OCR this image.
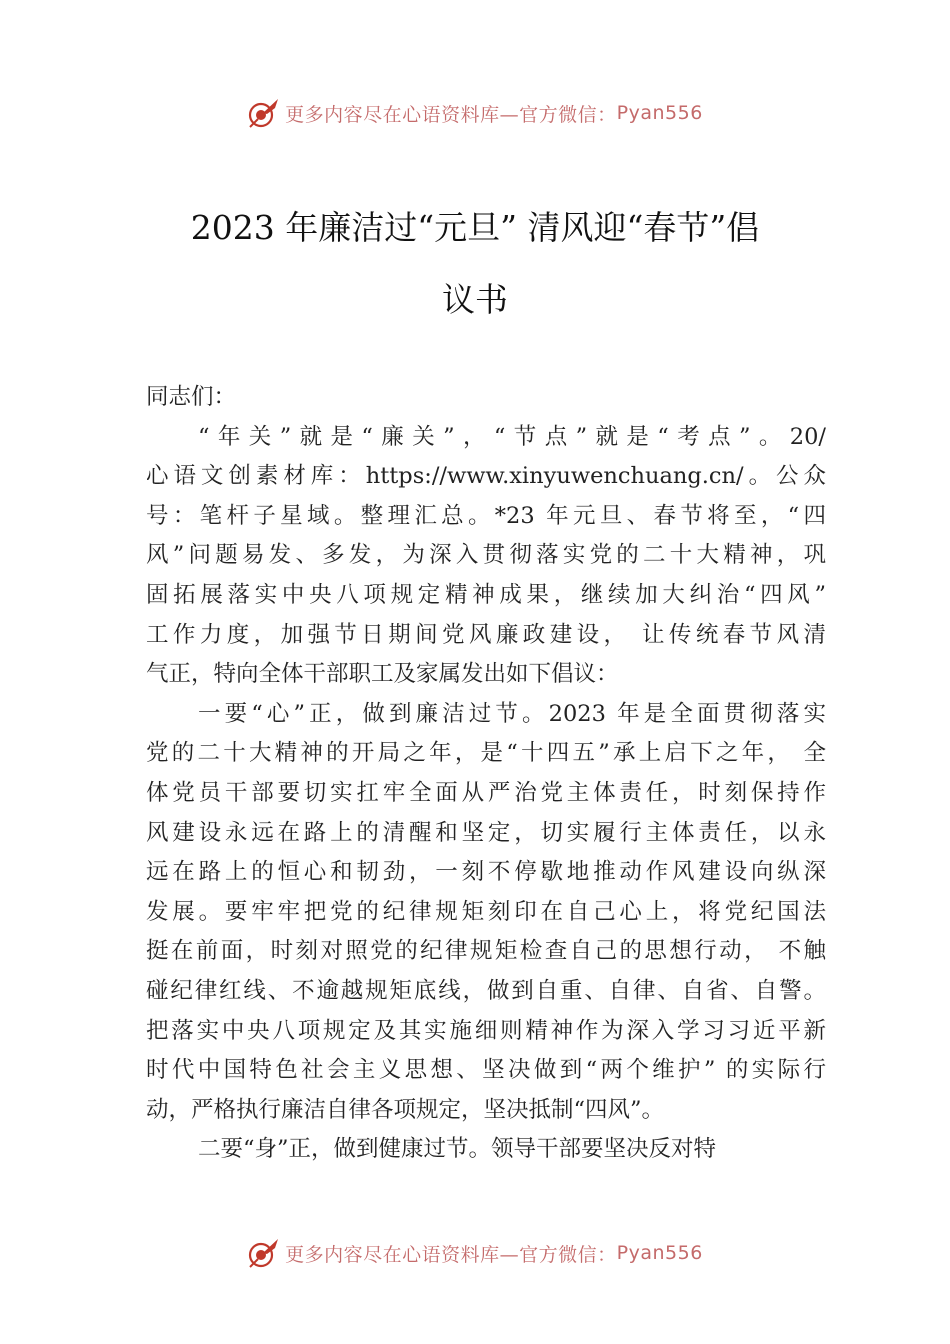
更多内容尽在心语资料库—官方微信： Pyan556
2023 年廉洁过“元旦” 清风迎“春节”倡
议书
同志们：
“年关”就是“廉关”，“节点”就是“考点”。20/
心语文创素材库：https://www.xinyuwenchuang.cn/。公众
号：笔杆子星域。整理汇总。*23 年元旦、春节将至，“四
风”问题易发、多发，为深入贯彻落实党的二十大精神，巩
固拓展落实中央八项规定精神成果，继续加大纠治“四风”
工作力度，加强节日期间党风廉政建设， 让传统春节风清
气正，特向全体干部职工及家属发出如下倡议：
一要“心”正，做到廉洁过节。2023 年是全面贯彻落实
党的二十大精神的开局之年，是“十四五”承上启下之年， 全
体党员干部要切实扛牢全面从严治党主体责任，时刻保持作
风建设永远在路上的清醒和坚定，切实履行主体责任，以永
远在路上的恒心和韧劲，一刻不停歇地推动作风建设向纵深
发展。要牢牢把党的纪律规矩刻印在自己心上，将党纪国法
挺在前面，时刻对照党的纪律规矩检查自己的思想行动， 不触
碰纪律红线、不逾越规矩底线，做到自重、自律、自省、自警。
把落实中央八项规定及其实施细则精神作为深入学习习近平新
时代中国特色社会主义思想、坚决做到“两个维护” 的实际行
动，严格执行廉洁自律各项规定，坚决抵制“四风”。
二要“身”正，做到健康过节。领导干部要坚决反对特
更多内容尽在心语资料库—官方微信： Pyan556
